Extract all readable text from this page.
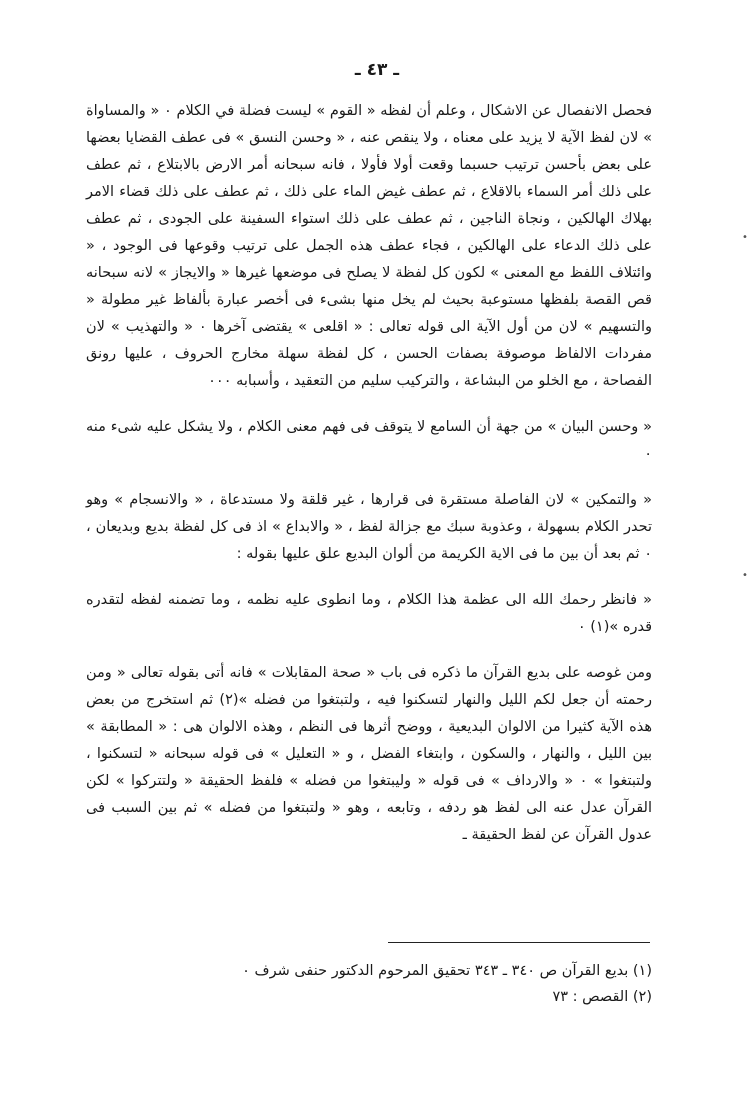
ـ ٤٣ ـ

فحصل الانفصال عن الاشكال ، وعلم أن لفظه « القوم » ليست فضلة في الكلام ٠ « والمساواة » لان لفظ الآية لا يزيد على معناه ، ولا ينقص عنه ، « وحسن النسق » فى عطف القضايا بعضها على بعض بأحسن ترتيب حسبما وقعت أولا فأولا ، فانه سبحانه أمر الارض بالابتلاع ، ثم عطف على ذلك أمر السماء بالاقلاع ، ثم عطف غيض الماء على ذلك ، ثم عطف على ذلك قضاء الامر بهلاك الهالكين ، ونجاة الناجين ، ثم عطف على ذلك استواء السفينة على الجودى ، ثم عطف على ذلك الدعاء على الهالكين ، فجاء عطف هذه الجمل على ترتيب وقوعها فى الوجود ، « وائتلاف اللفظ مع المعنى » لكون كل لفظة لا يصلح فى موضعها غيرها « والايجاز » لانه سبحانه قص القصة بلفظها مستوعبة بحيث لم يخل منها بشىء فى أخصر عبارة بألفاظ غير مطولة « والتسهيم » لان من أول الآية الى قوله تعالى : « اقلعى » يقتضى آخرها ٠ « والتهذيب » لان مفردات الالفاظ موصوفة بصفات الحسن ، كل لفظة سهلة مخارج الحروف ، عليها رونق الفصاحة ، مع الخلو من البشاعة ، والتركيب سليم من التعقيد ، وأسبابه ٠٠٠

« وحسن البيان » من جهة أن السامع لا يتوقف فى فهم معنى الكلام ، ولا يشكل عليه شىء منه ٠

« والتمكين » لان الفاصلة مستقرة فى قرارها ، غير قلقة ولا مستدعاة ، « والانسجام » وهو تحدر الكلام بسهولة ، وعذوبة سبك مع جزالة لفظ ، « والابداع » اذ فى كل لفظة بديع وبديعان ، ٠ ثم بعد أن بين ما فى الاية الكريمة من ألوان البديع علق عليها بقوله :

« فانظر رحمك الله الى عظمة هذا الكلام ، وما انطوى عليه نظمه ، وما تضمنه لفظه لتقدره قدره »(١) ٠

ومن غوصه على بديع القرآن ما ذكره فى باب « صحة المقابلات » فانه أتى بقوله تعالى « ومن رحمته أن جعل لكم الليل والنهار لتسكنوا فيه ، ولتبتغوا من فضله »(٢) ثم استخرج من بعض هذه الآية كثيرا من الالوان البديعية ، ووضح أثرها فى النظم ، وهذه الالوان هى : « المطابقة » بين الليل ، والنهار ، والسكون ، وابتغاء الفضل ، و « التعليل » فى قوله سبحانه « لتسكنوا ، ولتبتغوا » ٠ « والارداف » فى قوله « وليبتغوا من فضله » فلفظ الحقيقة « ولتتركوا » لكن القرآن عدل عنه الى لفظ هو ردفه ، وتابعه ، وهو « ولتبتغوا من فضله » ثم بين السبب فى عدول القرآن عن لفظ الحقيقة ـ

(١) بديع القرآن ص ٣٤٠ ـ ٣٤٣ تحقيق المرحوم الدكتور حنفى شرف ٠

(٢) القصص : ٧٣

•
•
